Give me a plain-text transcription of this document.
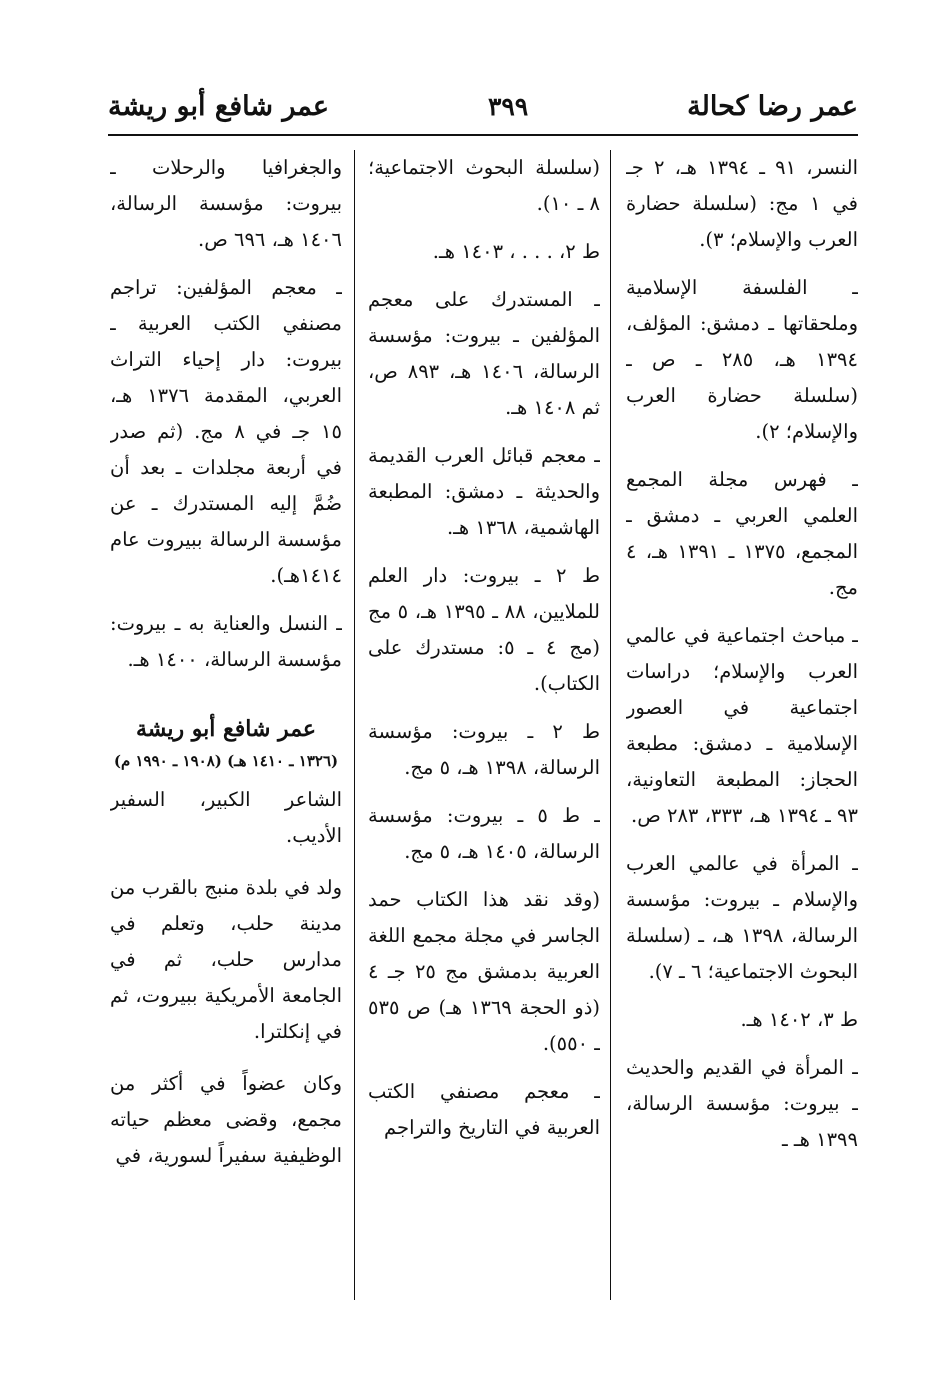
عمر رضا كحالة
٣٩٩
عمر شافع أبو ريشة

النسر، ٩١ ـ ١٣٩٤ هـ، ٢ جـ في ١ مج: (سلسلة حضارة العرب والإسلام؛ ٣).

ـ الفلسفة الإسلامية وملحقاتها ـ دمشق: المؤلف، ١٣٩٤ هـ، ٢٨٥ ـ ص ـ (سلسلة حضارة العرب والإسلام؛ ٢).

ـ فهرس مجلة المجمع العلمي العربي ـ دمشق ـ المجمع، ١٣٧٥ ـ ١٣٩١ هـ، ٤ مج.

ـ مباحث اجتماعية في عالمي العرب والإسلام؛ دراسات اجتماعية في العصور الإسلامية ـ دمشق: مطبعة الحجاز: المطبعة التعاونية، ٩٣ ـ ١٣٩٤ هـ، ٣٣٣، ٢٨٣ ص.

ـ المرأة في عالمي العرب والإسلام ـ بيروت: مؤسسة الرسالة، ١٣٩٨ هـ، ـ (سلسلة البحوث الاجتماعية؛ ٦ ـ ٧).

ط ٣، ١٤٠٢ هـ.

ـ المرأة في القديم والحديث ـ بيروت: مؤسسة الرسالة، ١٣٩٩ هـ ـ

(سلسلة البحوث الاجتماعية؛ ٨ ـ ١٠).

ط ٢، . . . ، ١٤٠٣ هـ.

ـ المستدرك على معجم المؤلفين ـ بيروت: مؤسسة الرسالة، ١٤٠٦ هـ، ٨٩٣ ص، ثم ١٤٠٨ هـ.

ـ معجم قبائل العرب القديمة والحديثة ـ دمشق: المطبعة الهاشمية، ١٣٦٨ هـ.

ط ٢ ـ بيروت: دار العلم للملايين، ٨٨ ـ ١٣٩٥ هـ، ٥ مج (مج ٤ ـ ٥: مستدرك على الكتاب).

ط ٢ ـ بيروت: مؤسسة الرسالة، ١٣٩٨ هـ، ٥ مج.

ـ ط ٥ ـ بيروت: مؤسسة الرسالة، ١٤٠٥ هـ، ٥ مج.

(وقد نقد هذا الكتاب حمد الجاسر في مجلة مجمع اللغة العربية بدمشق مج ٢٥ جـ ٤ (ذو الحجة ١٣٦٩ هـ) ص ٥٣٥ ـ ٥٥٠).

ـ معجم مصنفي الكتب العربية في التاريخ والتراجم

والجغرافيا والرحلات ـ بيروت: مؤسسة الرسالة، ١٤٠٦ هـ، ٦٩٦ ص.

ـ معجم المؤلفين: تراجم مصنفي الكتب العربية ـ بيروت: دار إحياء التراث العربي، المقدمة ١٣٧٦ هـ، ١٥ جـ في ٨ مج. (ثم صدر في أربعة مجلدات ـ بعد أن ضُمَّ إليه المستدرك ـ عن مؤسسة الرسالة ببيروت عام ١٤١٤هـ).

ـ النسل والعناية به ـ بيروت: مؤسسة الرسالة، ١٤٠٠ هـ.

عمر شافع أبو ريشة
(١٣٢٦ ـ ١٤١٠ هـ) (١٩٠٨ ـ ١٩٩٠ م)

الشاعر الكبير، السفير الأديب.

ولد في بلدة منبج بالقرب من مدينة حلب، وتعلم في مدارس حلب، ثم في الجامعة الأمريكية ببيروت، ثم في إنكلترا.

وكان عضواً في أكثر من مجمع، وقضى معظم حياته الوظيفية سفيراً لسورية، في
